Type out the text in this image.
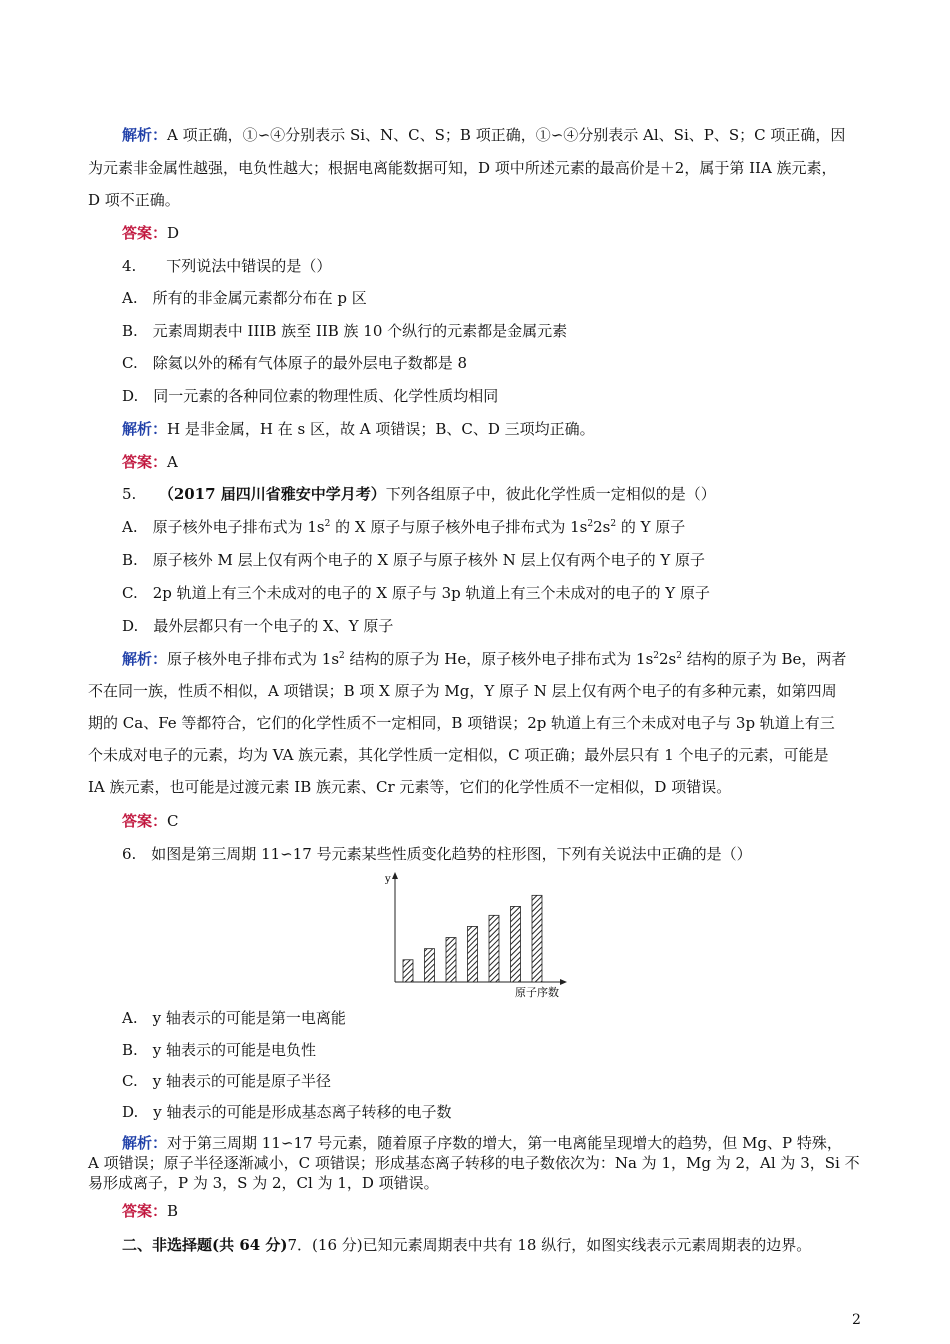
解析：A 项正确，①∽④分别表示 Si、N、C、S；B 项正确，①∽④分别表示 Al、Si、P、S；C 项正确，因
为元素非金属性越强，电负性越大；根据电离能数据可知，D 项中所述元素的最高价是＋2，属于第 IIA 族元素，
D 项不正确。
答案：D
4.　　下列说法中错误的是（）
A.　所有的非金属元素都分布在 p 区
B.　元素周期表中 IIIB 族至 IIB 族 10 个纵行的元素都是金属元素
C.　除氦以外的稀有气体原子的最外层电子数都是 8
D.　同一元素的各种同位素的物理性质、化学性质均相同
解析：H 是非金属，H 在 s 区，故 A 项错误；B、C、D 三项均正确。
答案：A
5.　　（2017 届四川省雅安中学月考）下列各组原子中，彼此化学性质一定相似的是（）
A.　原子核外电子排布式为 $1s^2$ 的 X 原子与原子核外电子排布式为 $1s^22s^2$ 的 Y 原子
B.　原子核外 M 层上仅有两个电子的 X 原子与原子核外 N 层上仅有两个电子的 Y 原子
C.　2p 轨道上有三个未成对的电子的 X 原子与 3p 轨道上有三个未成对的电子的 Y 原子
D.　最外层都只有一个电子的 X、Y 原子
解析：原子核外电子排布式为 $1s^2$ 结构的原子为 He，原子核外电子排布式为 $1s^22s^2$ 结构的原子为 Be，两者
不在同一族，性质不相似，A 项错误；B 项 X 原子为 Mg，Y 原子 N 层上仅有两个电子的有多种元素，如第四周
期的 Ca、Fe 等都符合，它们的化学性质不一定相同，B 项错误；2p 轨道上有三个未成对电子与 3p 轨道上有三
个未成对电子的元素，均为 VA 族元素，其化学性质一定相似，C 项正确；最外层只有 1 个电子的元素，可能是
IA 族元素，也可能是过渡元素 IB 族元素、Cr 元素等，它们的化学性质不一定相似，D 项错误。
答案：C
6.　如图是第三周期 11∽17 号元素某些性质变化趋势的柱形图，下列有关说法中正确的是（）
y
原子序数
A.　y 轴表示的可能是第一电离能
B.　y 轴表示的可能是电负性
C.　y 轴表示的可能是原子半径
D.　y 轴表示的可能是形成基态离子转移的电子数
解析：对于第三周期 11∽17 号元素，随着原子序数的增大，第一电离能呈现增大的趋势，但 Mg、P 特殊，
A 项错误；原子半径逐渐减小，C 项错误；形成基态离子转移的电子数依次为：Na 为 1，Mg 为 2，Al 为 3，Si 不
易形成离子，P 为 3，S 为 2，Cl 为 1，D 项错误。
答案：B
二、非选择题(共 64 分)7．(16 分)已知元素周期表中共有 18 纵行，如图实线表示元素周期表的边界。
2
